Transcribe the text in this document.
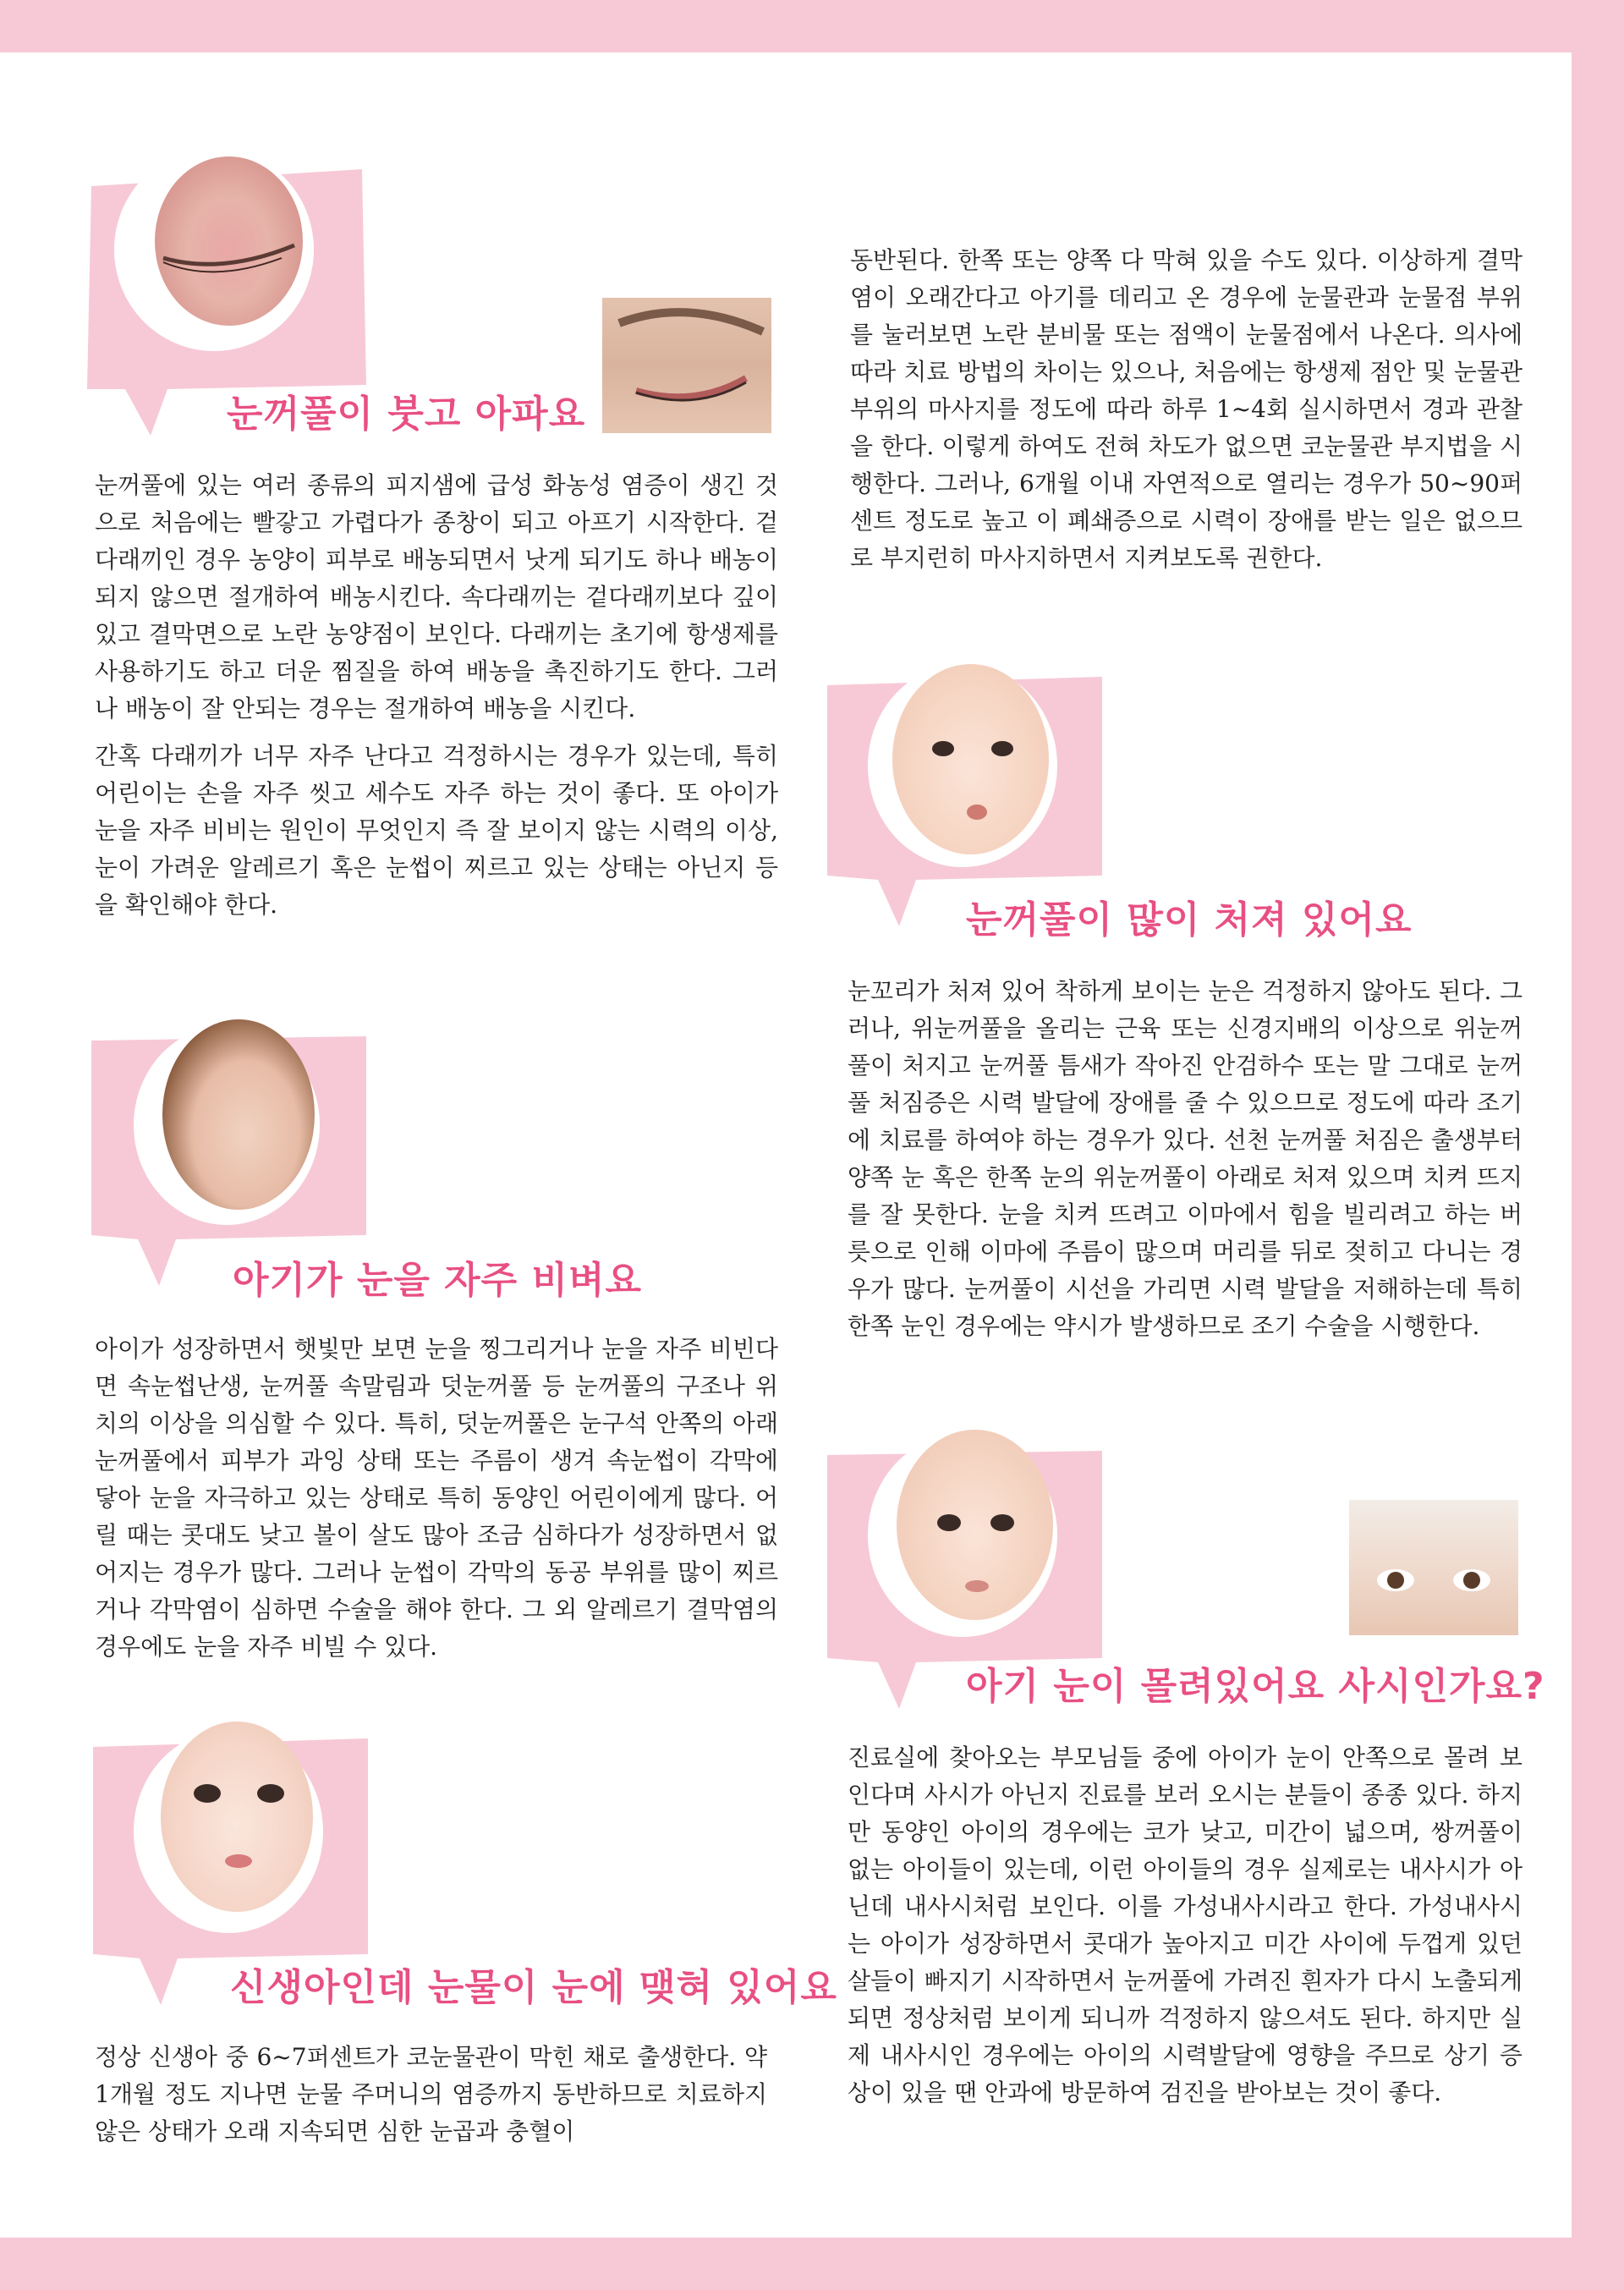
눈꺼풀이 붓고 아파요

눈꺼풀에 있는 여러 종류의 피지샘에 급성 화농성 염증이 생긴 것으로 처음에는 빨갛고 가렵다가 종창이 되고 아프기 시작한다. 겉다래끼인 경우 농양이 피부로 배농되면서 낫게 되기도 하나 배농이 되지 않으면 절개하여 배농시킨다. 속다래끼는 겉다래끼보다 깊이 있고 결막면으로 노란 농양점이 보인다. 다래끼는 초기에 항생제를 사용하기도 하고 더운 찜질을 하여 배농을 촉진하기도 한다. 그러나 배농이 잘 안되는 경우는 절개하여 배농을 시킨다.

간혹 다래끼가 너무 자주 난다고 걱정하시는 경우가 있는데, 특히 어린이는 손을 자주 씻고 세수도 자주 하는 것이 좋다. 또 아이가 눈을 자주 비비는 원인이 무엇인지 즉 잘 보이지 않는 시력의 이상, 눈이 가려운 알레르기 혹은 눈썹이 찌르고 있는 상태는 아닌지 등을 확인해야 한다.

아기가 눈을 자주 비벼요

아이가 성장하면서 햇빛만 보면 눈을 찡그리거나 눈을 자주 비빈다면 속눈썹난생, 눈꺼풀 속말림과 덧눈꺼풀 등 눈꺼풀의 구조나 위치의 이상을 의심할 수 있다. 특히, 덧눈꺼풀은 눈구석 안쪽의 아래 눈꺼풀에서 피부가 과잉 상태 또는 주름이 생겨 속눈썹이 각막에 닿아 눈을 자극하고 있는 상태로 특히 동양인 어린이에게 많다. 어릴 때는 콧대도 낮고 볼이 살도 많아 조금 심하다가 성장하면서 없어지는 경우가 많다. 그러나 눈썹이 각막의 동공 부위를 많이 찌르거나 각막염이 심하면 수술을 해야 한다. 그 외 알레르기 결막염의 경우에도 눈을 자주 비빌 수 있다.

신생아인데 눈물이 눈에 맺혀 있어요

정상 신생아 중 6~7퍼센트가 코눈물관이 막힌 채로 출생한다. 약 1개월 정도 지나면 눈물 주머니의 염증까지 동반하므로 치료하지 않은 상태가 오래 지속되면 심한 눈곱과 충혈이

동반된다. 한쪽 또는 양쪽 다 막혀 있을 수도 있다. 이상하게 결막염이 오래간다고 아기를 데리고 온 경우에 눈물관과 눈물점 부위를 눌러보면 노란 분비물 또는 점액이 눈물점에서 나온다. 의사에 따라 치료 방법의 차이는 있으나, 처음에는 항생제 점안 및 눈물관 부위의 마사지를 정도에 따라 하루 1~4회 실시하면서 경과 관찰을 한다. 이렇게 하여도 전혀 차도가 없으면 코눈물관 부지법을 시행한다. 그러나, 6개월 이내 자연적으로 열리는 경우가 50~90퍼센트 정도로 높고 이 폐쇄증으로 시력이 장애를 받는 일은 없으므로 부지런히 마사지하면서 지켜보도록 권한다.

눈꺼풀이 많이 처져 있어요

눈꼬리가 처져 있어 착하게 보이는 눈은 걱정하지 않아도 된다. 그러나, 위눈꺼풀을 올리는 근육 또는 신경지배의 이상으로 위눈꺼풀이 처지고 눈꺼풀 틈새가 작아진 안검하수 또는 말 그대로 눈꺼풀 처짐증은 시력 발달에 장애를 줄 수 있으므로 정도에 따라 조기에 치료를 하여야 하는 경우가 있다. 선천 눈꺼풀 처짐은 출생부터 양쪽 눈 혹은 한쪽 눈의 위눈꺼풀이 아래로 처져 있으며 치켜 뜨지를 잘 못한다. 눈을 치켜 뜨려고 이마에서 힘을 빌리려고 하는 버릇으로 인해 이마에 주름이 많으며 머리를 뒤로 젖히고 다니는 경우가 많다. 눈꺼풀이 시선을 가리면 시력 발달을 저해하는데 특히 한쪽 눈인 경우에는 약시가 발생하므로 조기 수술을 시행한다.

아기 눈이 몰려있어요 사시인가요?

진료실에 찾아오는 부모님들 중에 아이가 눈이 안쪽으로 몰려 보인다며 사시가 아닌지 진료를 보러 오시는 분들이 종종 있다. 하지만 동양인 아이의 경우에는 코가 낮고, 미간이 넓으며, 쌍꺼풀이 없는 아이들이 있는데, 이런 아이들의 경우 실제로는 내사시가 아닌데 내사시처럼 보인다. 이를 가성내사시라고 한다. 가성내사시는 아이가 성장하면서 콧대가 높아지고 미간 사이에 두껍게 있던 살들이 빠지기 시작하면서 눈꺼풀에 가려진 흰자가 다시 노출되게 되면 정상처럼 보이게 되니까 걱정하지 않으셔도 된다. 하지만 실제 내사시인 경우에는 아이의 시력발달에 영향을 주므로 상기 증상이 있을 땐 안과에 방문하여 검진을 받아보는 것이 좋다.
